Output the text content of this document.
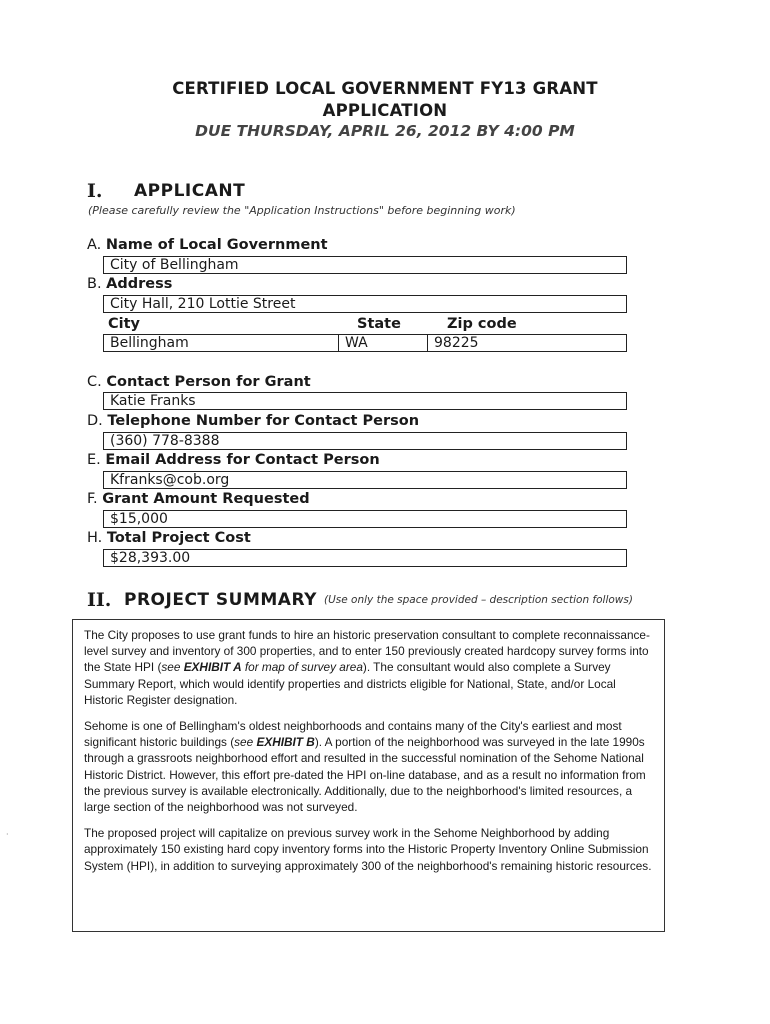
CERTIFIED LOCAL GOVERNMENT FY13 GRANT
APPLICATION
DUE THURSDAY, APRIL 26, 2012 BY 4:00 PM
I. APPLICANT
(Please carefully review the "Application Instructions" before beginning work)
A. Name of Local Government
City of Bellingham
B. Address
City Hall, 210 Lottie Street
City	State	Zip code
Bellingham	WA	98225
C. Contact Person for Grant
Katie Franks
D. Telephone Number for Contact Person
(360) 778-8388
E. Email Address for Contact Person
Kfranks@cob.org
F. Grant Amount Requested
$15,000
H. Total Project Cost
$28,393.00
II. PROJECT SUMMARY (Use only the space provided – description section follows)

The City proposes to use grant funds to hire an historic preservation consultant to complete reconnaissance-level survey and inventory of 300 properties, and to enter 150 previously created hardcopy survey forms into the State HPI (see EXHIBIT A for map of survey area). The consultant would also complete a Survey Summary Report, which would identify properties and districts eligible for National, State, and/or Local Historic Register designation.

Sehome is one of Bellingham's oldest neighborhoods and contains many of the City's earliest and most significant historic buildings (see EXHIBIT B). A portion of the neighborhood was surveyed in the late 1990s through a grassroots neighborhood effort and resulted in the successful nomination of the Sehome National Historic District. However, this effort pre-dated the HPI on-line database, and as a result no information from the previous survey is available electronically. Additionally, due to the neighborhood's limited resources, a large section of the neighborhood was not surveyed.

The proposed project will capitalize on previous survey work in the Sehome Neighborhood by adding approximately 150 existing hard copy inventory forms into the Historic Property Inventory Online Submission System (HPI), in addition to surveying approximately 300 of the neighborhood's remaining historic resources.

·
